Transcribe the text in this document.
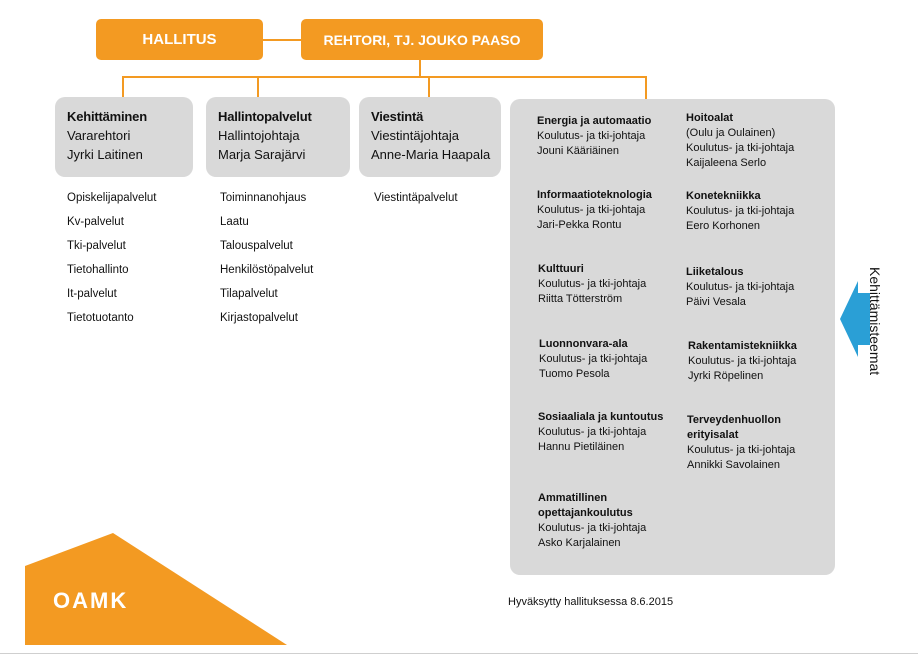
HALLITUS	REHTORI, TJ. JOUKO PAASO
Kehittäminen
Vararehtori
Jyrki Laitinen
Hallintopalvelut
Hallintojohtaja
Marja Sarajärvi
Viestintä
Viestintäjohtaja
Anne-Maria Haapala
Opiskelijapalvelut
Kv-palvelut
Tki-palvelut
Tietohallinto
It-palvelut
Tietotuotanto
Toiminnanohjaus
Laatu
Talouspalvelut
Henkilöstöpalvelut
Tilapalvelut
Kirjastopalvelut
Viestintäpalvelut
Energia ja automaatio
Koulutus- ja tki-johtaja
Jouni Kääriäinen
Informaatioteknologia
Koulutus- ja tki-johtaja
Jari-Pekka Rontu
Kulttuuri
Koulutus- ja tki-johtaja
Riitta Tötterström
Luonnonvara-ala
Koulutus- ja tki-johtaja
Tuomo Pesola
Sosiaaliala ja kuntoutus
Koulutus- ja tki-johtaja
Hannu Pietiläinen
Ammatillinen
opettajankoulutus
Koulutus- ja tki-johtaja
Asko Karjalainen
Hoitoalat
(Oulu ja Oulainen)
Koulutus- ja tki-johtaja
Kaijaleena Serlo
Konetekniikka
Koulutus- ja tki-johtaja
Eero Korhonen
Liiketalous
Koulutus- ja tki-johtaja
Päivi Vesala
Rakentamistekniikka
Koulutus- ja tki-johtaja
Jyrki Röpelinen
Terveydenhuollon
erityisalat
Koulutus- ja tki-johtaja
Annikki Savolainen
Kehittämisteemat
Hyväksytty hallituksessa 8.6.2015
OAMK
